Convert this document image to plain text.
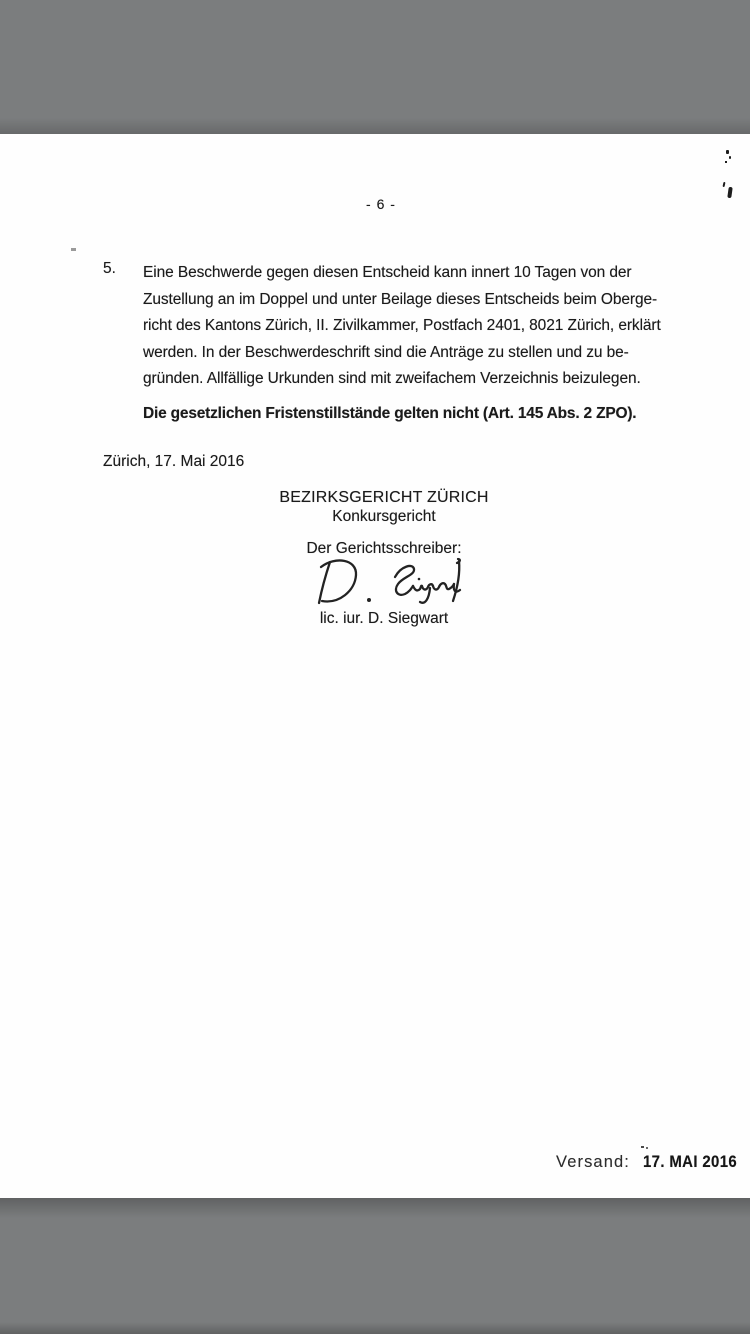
- 6 -
5. Eine Beschwerde gegen diesen Entscheid kann innert 10 Tagen von der
Zustellung an im Doppel und unter Beilage dieses Entscheids beim Oberge-
richt des Kantons Zürich, II. Zivilkammer, Postfach 2401, 8021 Zürich, erklärt
werden. In der Beschwerdeschrift sind die Anträge zu stellen und zu be-
gründen. Allfällige Urkunden sind mit zweifachem Verzeichnis beizulegen.
Die gesetzlichen Fristenstillstände gelten nicht (Art. 145 Abs. 2 ZPO).
Zürich, 17. Mai 2016
BEZIRKSGERICHT ZÜRICH
Konkursgericht
Der Gerichtsschreiber:
lic. iur. D. Siegwart
Versand: 17. MAI 2016
